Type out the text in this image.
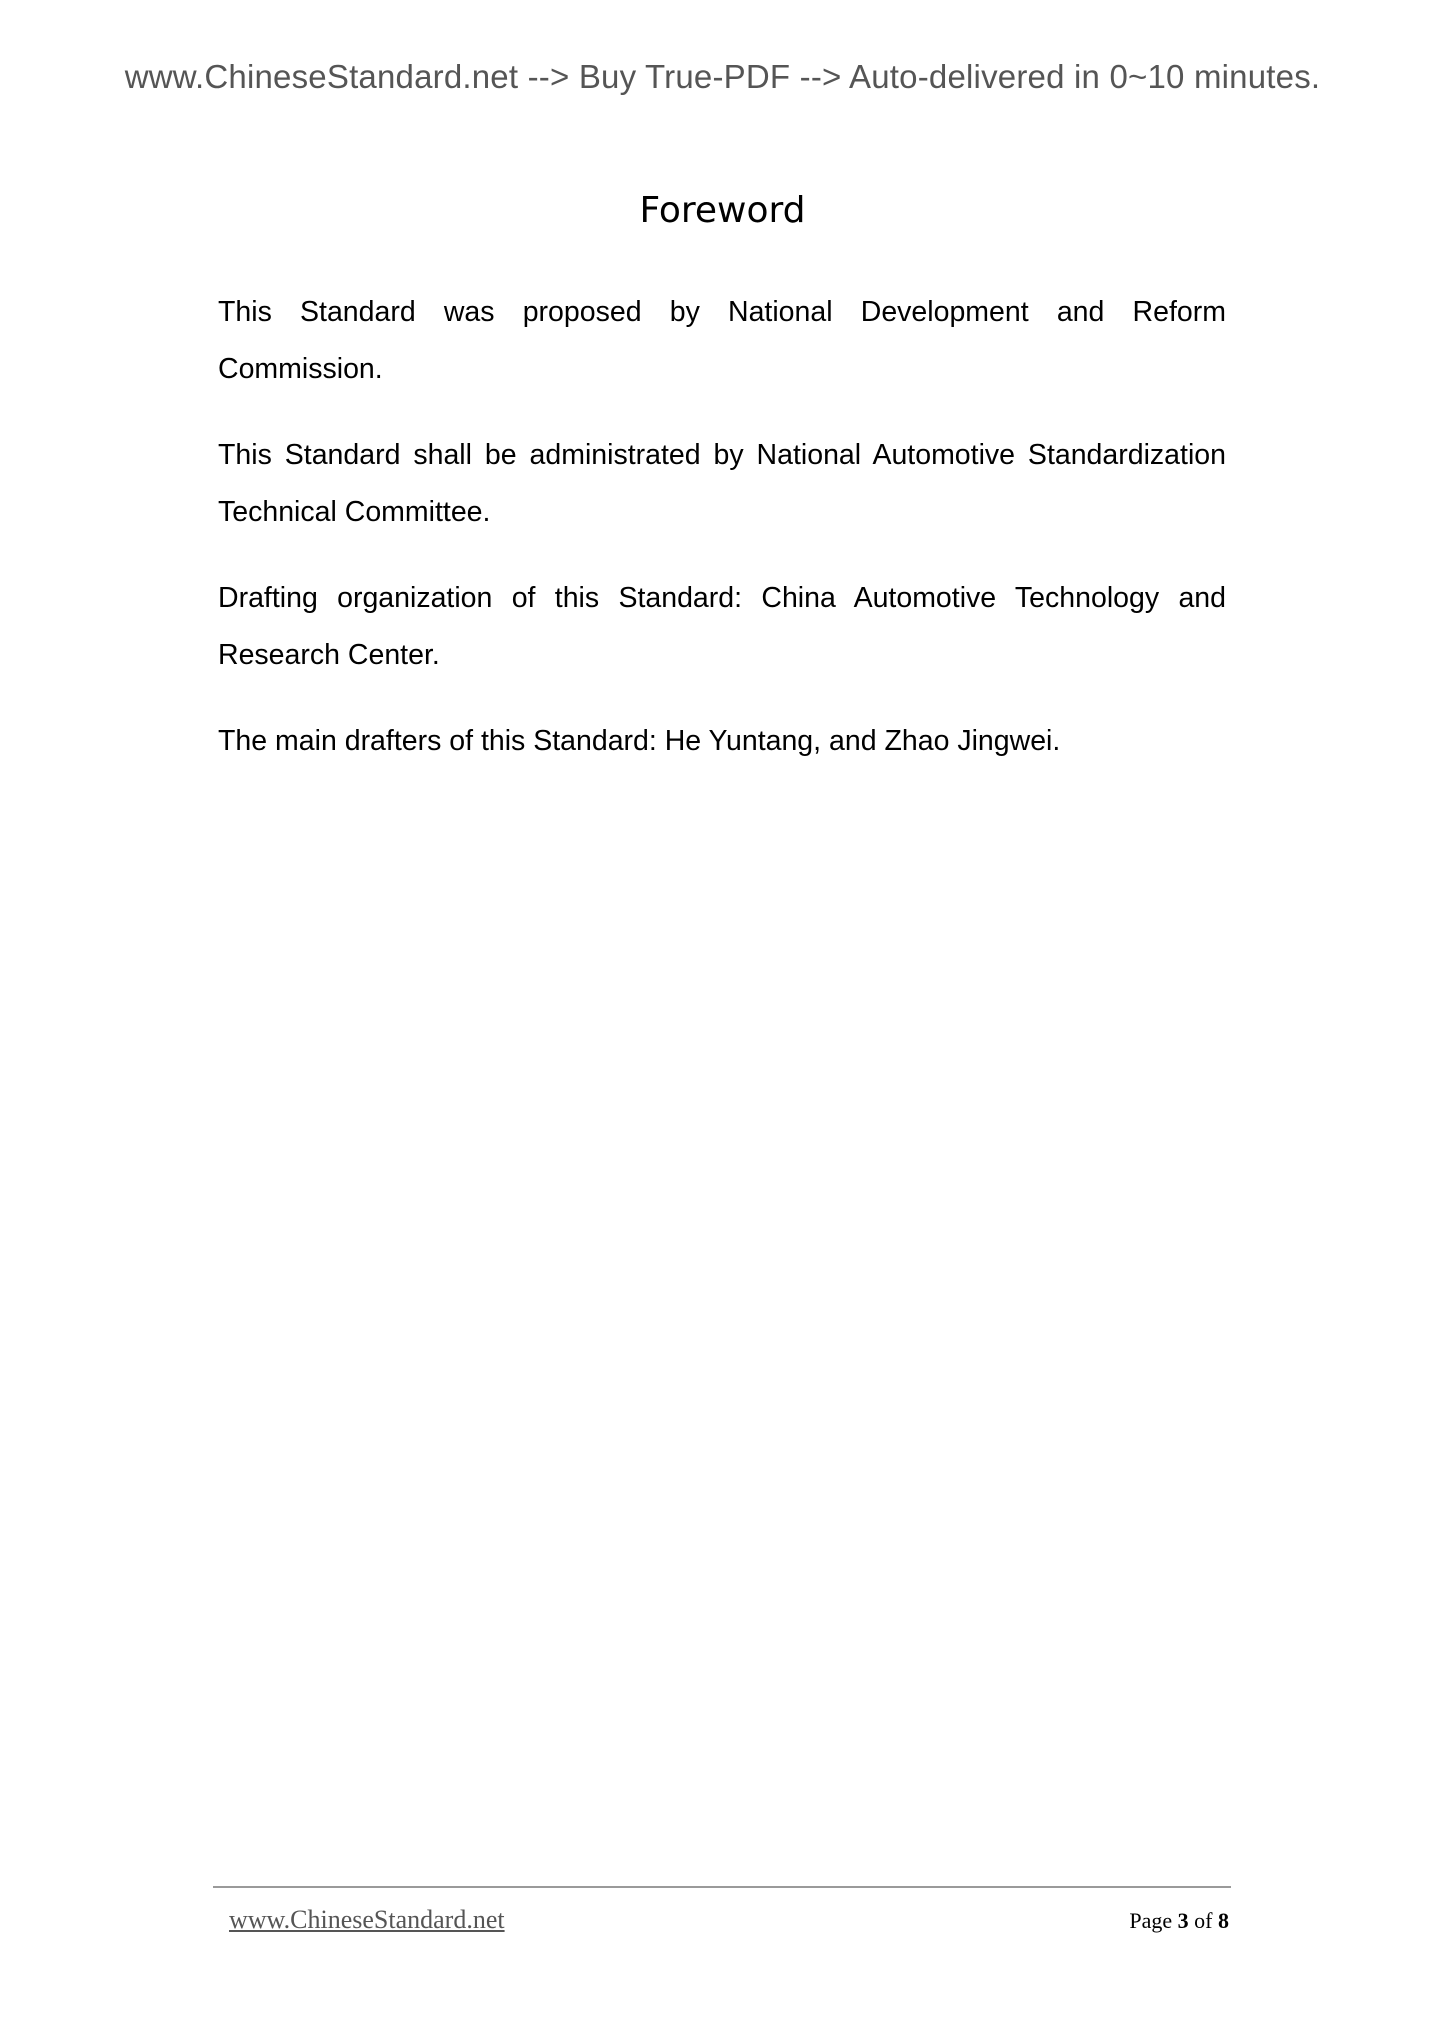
www.ChineseStandard.net --> Buy True-PDF --> Auto-delivered in 0~10 minutes.
Foreword

This Standard was proposed by National Development and Reform Commission.

This Standard shall be administrated by National Automotive Standardization Technical Committee.

Drafting organization of this Standard: China Automotive Technology and Research Center.

The main drafters of this Standard: He Yuntang, and Zhao Jingwei.

www.ChineseStandard.net	Page 3 of 8
